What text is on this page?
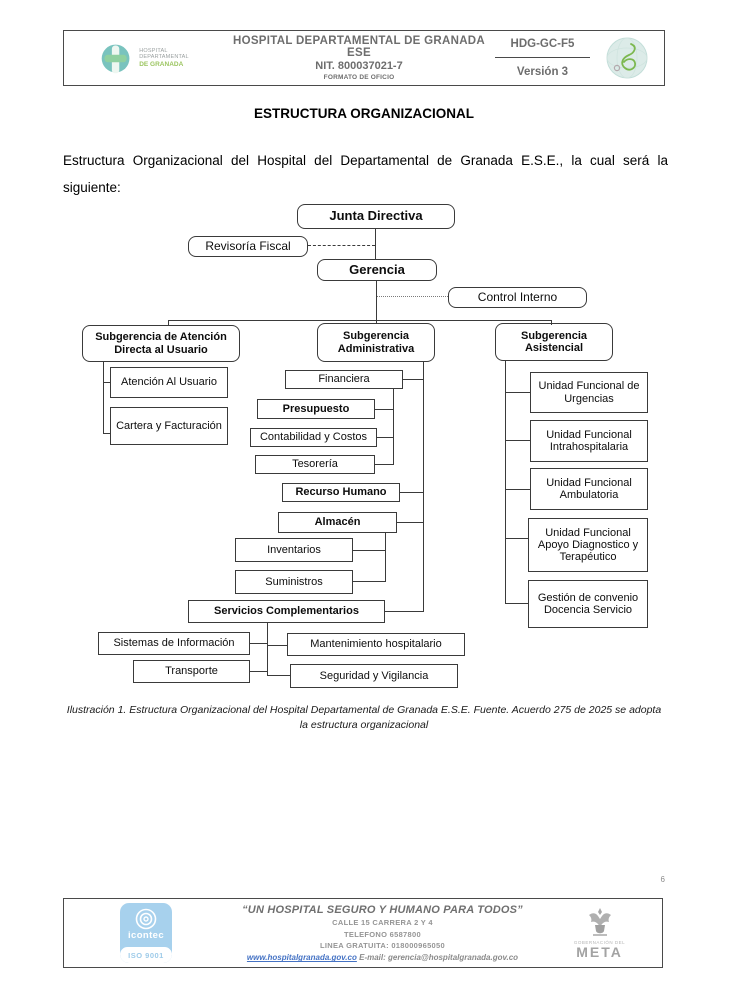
HOSPITAL
DEPARTAMENTAL
DE GRANADA
HOSPITAL DEPARTAMENTAL DE GRANADA ESE
NIT. 800037021-7
FORMATO DE OFICIO
HDG-GC-F5
Versión 3
ESTRUCTURA ORGANIZACIONAL
Estructura Organizacional del Hospital del Departamental de Granada E.S.E., la cual será la siguiente:
Junta Directiva
Revisoría Fiscal
Gerencia
Control Interno
Subgerencia de Atención Directa al Usuario
Subgerencia Administrativa
Subgerencia Asistencial
Atención Al Usuario
Cartera y Facturación
Financiera
Presupuesto
Contabilidad y Costos
Tesorería
Recurso Humano
Almacén
Inventarios
Suministros
Servicios Complementarios
Sistemas de Información
Transporte
Mantenimiento hospitalario
Seguridad y Vigilancia
Unidad Funcional de Urgencias
Unidad Funcional Intrahospitalaria
Unidad Funcional Ambulatoria
Unidad Funcional Apoyo Diagnostico y Terapéutico
Gestión de convenio Docencia Servicio
Ilustración 1. Estructura Organizacional del Hospital Departamental de Granada E.S.E. Fuente. Acuerdo 275 de 2025 se adopta la estructura organizacional
6
icontec
ISO 9001
“UN HOSPITAL SEGURO Y HUMANO PARA TODOS”
CALLE 15 CARRERA 2 Y 4
TELEFONO 6587800
LINEA GRATUITA: 018000965050
www.hospitalgranada.gov.co E-mail: gerencia@hospitalgranada.gov.co
GOBERNACIÓN DEL
META
